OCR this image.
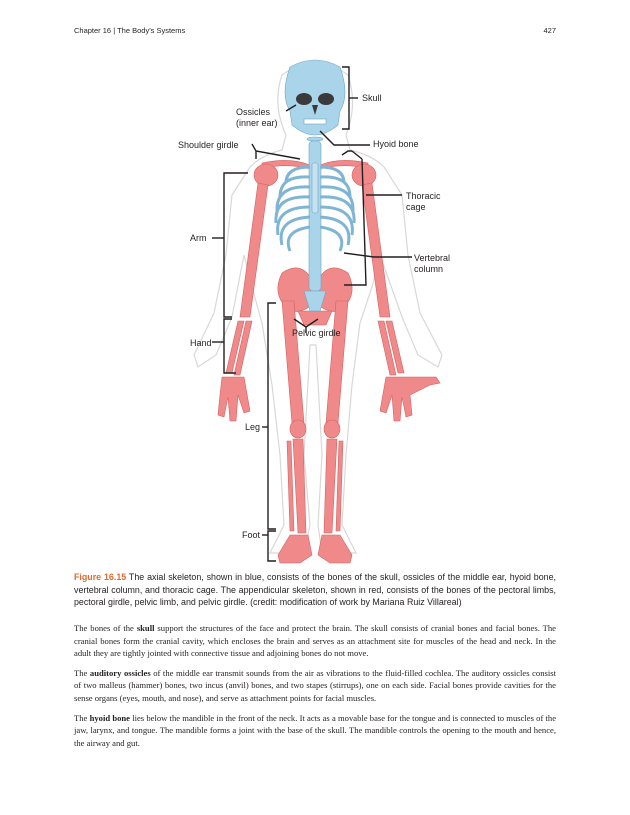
Chapter 16 | The Body's Systems	427
Skull
Ossicles
(inner ear)
Hyoid bone
Shoulder girdle
Thoracic
cage
Arm
Vertebral
column
Pelvic girdle
Hand
Leg
Foot
Figure 16.15 The axial skeleton, shown in blue, consists of the bones of the skull, ossicles of the middle ear, hyoid bone, vertebral column, and thoracic cage. The appendicular skeleton, shown in red, consists of the bones of the pectoral limbs, pectoral girdle, pelvic limb, and pelvic girdle. (credit: modification of work by Mariana Ruiz Villareal)

The bones of the skull support the structures of the face and protect the brain. The skull consists of cranial bones and facial bones. The cranial bones form the cranial cavity, which encloses the brain and serves as an attachment site for muscles of the head and neck. In the adult they are tightly jointed with connective tissue and adjoining bones do not move.

The auditory ossicles of the middle ear transmit sounds from the air as vibrations to the fluid-filled cochlea. The auditory ossicles consist of two malleus (hammer) bones, two incus (anvil) bones, and two stapes (stirrups), one on each side. Facial bones provide cavities for the sense organs (eyes, mouth, and nose), and serve as attachment points for facial muscles.

The hyoid bone lies below the mandible in the front of the neck. It acts as a movable base for the tongue and is connected to muscles of the jaw, larynx, and tongue. The mandible forms a joint with the base of the skull. The mandible controls the opening to the mouth and hence, the airway and gut.
